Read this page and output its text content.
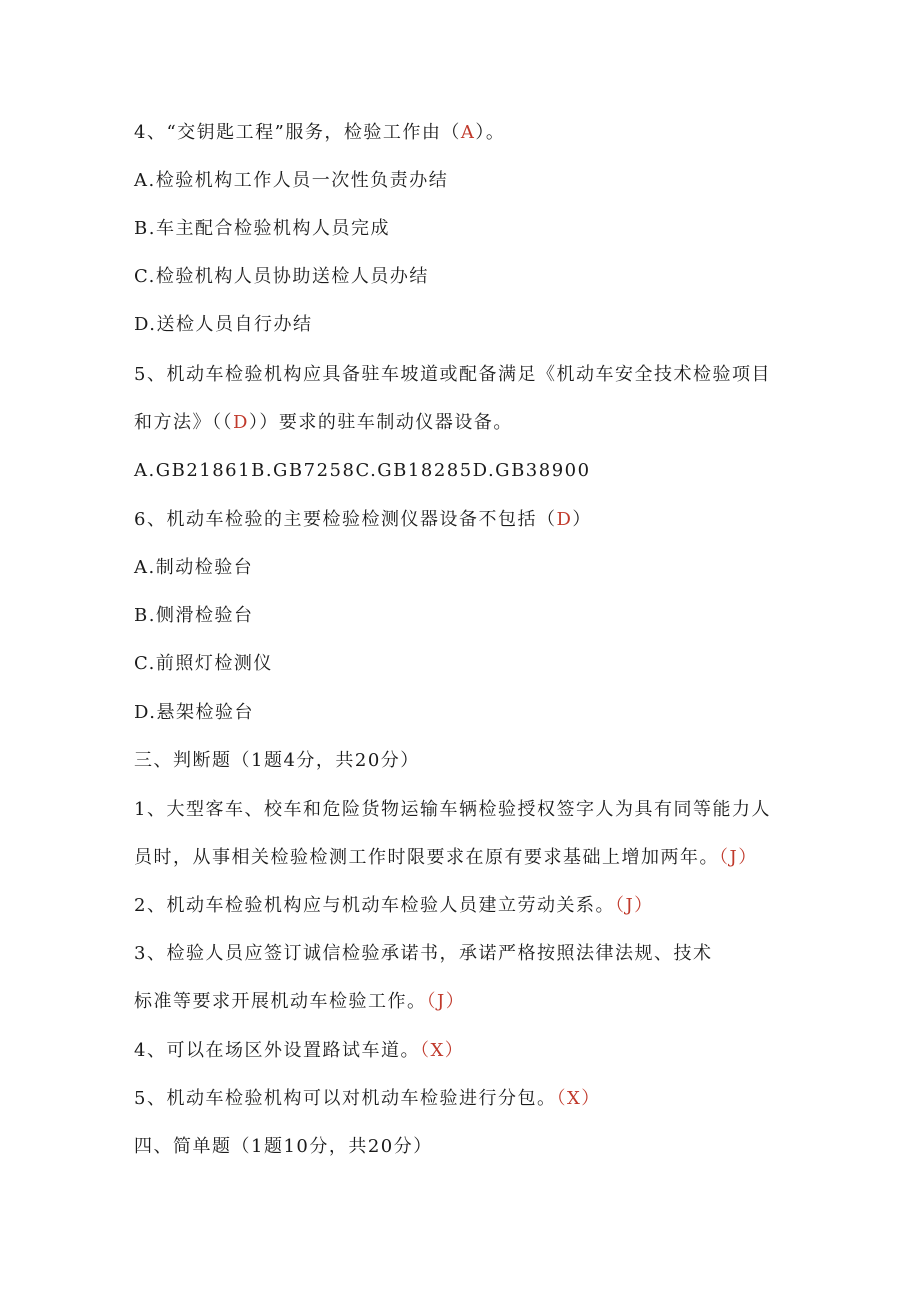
4、“交钥匙工程”服务，检验工作由（A）。
A.检验机构工作人员一次性负责办结
B.车主配合检验机构人员完成
C.检验机构人员协助送检人员办结
D.送检人员自行办结
5、机动车检验机构应具备驻车坡道或配备满足《机动车安全技术检验项目
和方法》（（D））要求的驻车制动仪器设备。
A.GB21861B.GB7258C.GB18285D.GB38900
6、机动车检验的主要检验检测仪器设备不包括（D）
A.制动检验台
B.侧滑检验台
C.前照灯检测仪
D.悬架检验台
三、判断题（1题4分，共20分）
1、大型客车、校车和危险货物运输车辆检验授权签字人为具有同等能力人
员时，从事相关检验检测工作时限要求在原有要求基础上增加两年。（J）
2、机动车检验机构应与机动车检验人员建立劳动关系。（J）
3、检验人员应签订诚信检验承诺书，承诺严格按照法律法规、技术
标准等要求开展机动车检验工作。（J）
4、可以在场区外设置路试车道。（X）
5、机动车检验机构可以对机动车检验进行分包。（X）
四、简单题（1题10分，共20分）
